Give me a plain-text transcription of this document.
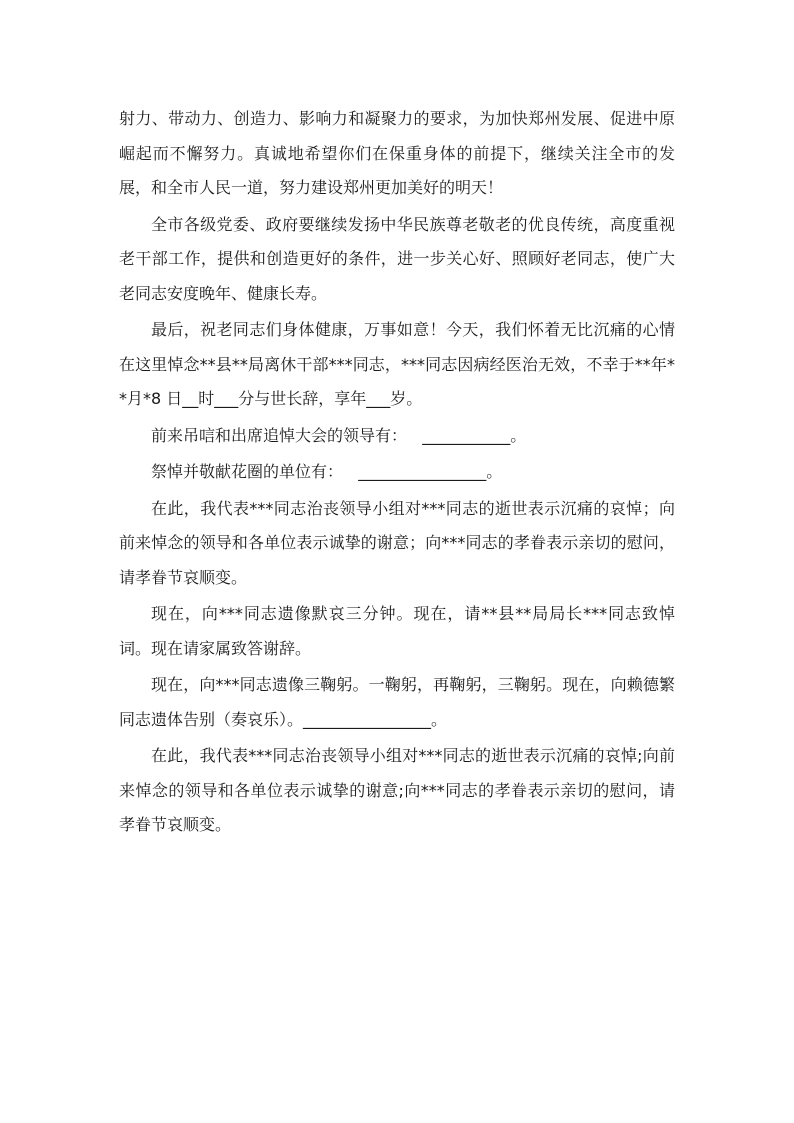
射力、带动力、创造力、影响力和凝聚力的要求，为加快郑州发展、促进中原崛起而不懈努力。真诚地希望你们在保重身体的前提下，继续关注全市的发展，和全市人民一道，努力建设郑州更加美好的明天！

全市各级党委、政府要继续发扬中华民族尊老敬老的优良传统，高度重视老干部工作，提供和创造更好的条件，进一步关心好、照顾好老同志，使广大老同志安度晚年、健康长寿。

最后，祝老同志们身体健康，万事如意！今天，我们怀着无比沉痛的心情在这里悼念**县**局离休干部***同志，***同志因病经医治无效，不幸于**年**月*8 日__时___分与世长辞，享年___岁。

前来吊唁和出席追悼大会的领导有：   ___________。

祭悼并敬献花圈的单位有：   ________________。

在此，我代表***同志治丧领导小组对***同志的逝世表示沉痛的哀悼；向前来悼念的领导和各单位表示诚挚的谢意；向***同志的孝眷表示亲切的慰问，请孝眷节哀顺变。

现在，向***同志遗像默哀三分钟。现在，请**县**局局长***同志致悼词。现在请家属致答谢辞。

现在，向***同志遗像三鞠躬。一鞠躬，再鞠躬，三鞠躬。现在，向赖德繁同志遗体告别（奏哀乐）。________________。

在此，我代表***同志治丧领导小组对***同志的逝世表示沉痛的哀悼;向前来悼念的领导和各单位表示诚挚的谢意;向***同志的孝眷表示亲切的慰问，请孝眷节哀顺变。
